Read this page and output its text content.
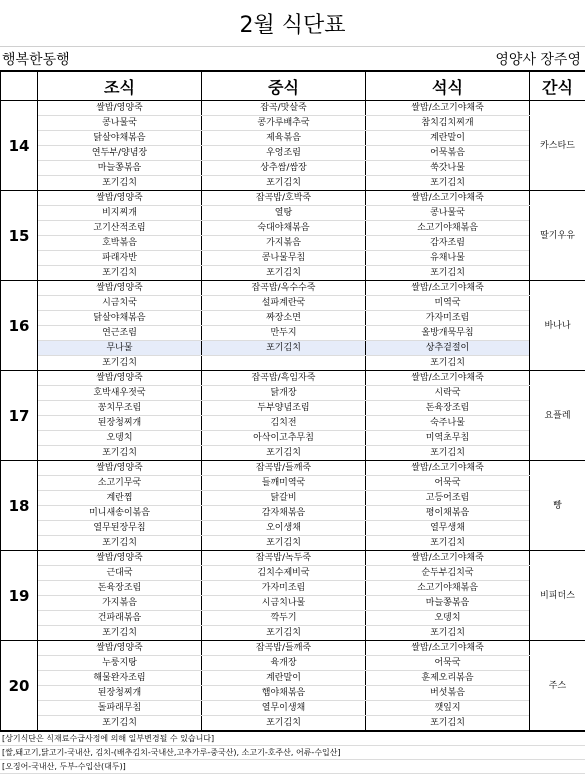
2월 식단표
행복한동행	영양사 장주영
	조식	중식	석식	간식
14	쌀밥/영양죽	잡곡/맛살죽	쌀밥/소고기야채죽	카스타드
	콩나물국	콩가루배추국	참치김치찌개	
	닭살야채볶음	제육볶음	계란말이	
	연두부/양념장	우엉조림	어묵볶음	
	마늘쫑볶음	상추쌈/쌈장	쑥갓나물	
	포기김치	포기김치	포기김치	
15	쌀밥/영양죽	잡곡밥/호박죽	쌀밥/소고기야채죽	딸기우유
	비지찌개	열탕	콩나물국	
	고기산적조림	숙대야채볶음	소고기야채볶음	
	호박볶음	가지볶음	감자조림	
	파래자반	콩나물무침	유채나물	
	포기김치	포기김치	포기김치	
16	쌀밥/영양죽	잡곡밥/옥수수죽	쌀밥/소고기야채죽	바나나
	시금치국	설파계란국	미역국	
	닭살야채볶음	짜장소면	가자미조림	
	연근조림	만두지	올방개묵무침	
	무나물	포기김치	상추겉절이	
	포기김치		포기김치	
17	쌀밥/영양죽	잡곡밥/흑임자죽	쌀밥/소고기야채죽	요플레
	호박새우젓국	닭개장	시락국	
	꽁치무조림	두부양념조림	돈육장조림	
	된장청찌개	김치전	숙주나물	
	오뎅치	아삭이고추무침	미역초무침	
	포기김치	포기김치	포기김치	
18	쌀밥/영양죽	잡곡밥/들깨죽	쌀밥/소고기야채죽	빵
	소고기무국	들깨미역국	어묵국	
	계란찜	닭갈비	고등어조림	
	미니새송이볶음	감자채볶음	평이채볶음	
	열무된장무침	오이생채	열무생채	
	포기김치	포기김치	포기김치	
19	쌀밥/영양죽	잡곡밥/녹두죽	쌀밥/소고기야채죽	비피더스
	근대국	김치수제비국	순두부김치국	
	돈육장조림	가자미조림	소고기야채볶음	
	가지볶음	시금치나물	마늘쫑볶음	
	건파래볶음	깍두기	오뎅치	
	포기김치	포기김치	포기김치	
20	쌀밥/영양죽	잡곡밥/들깨죽	쌀밥/소고기야채죽	주스
	누룽지탕	육개장	어묵국	
	해물완자조림	계란말이	훈제오리볶음	
	된장청찌개	햄야채볶음	버섯볶음	
	돌파래무침	열무이생채	깻잎지	
	포기김치	포기김치	포기김치	
[상기식단은 식재료수급사정에 의해 일부변경될 수 있습니다]
[쌀,돼고기,닭고기-국내산, 김치-(배추김치-국내산,고추가루-중국산), 소고기-호주산, 어류-수입산]
[오징어-국내산, 두부-수입산(대두)]
